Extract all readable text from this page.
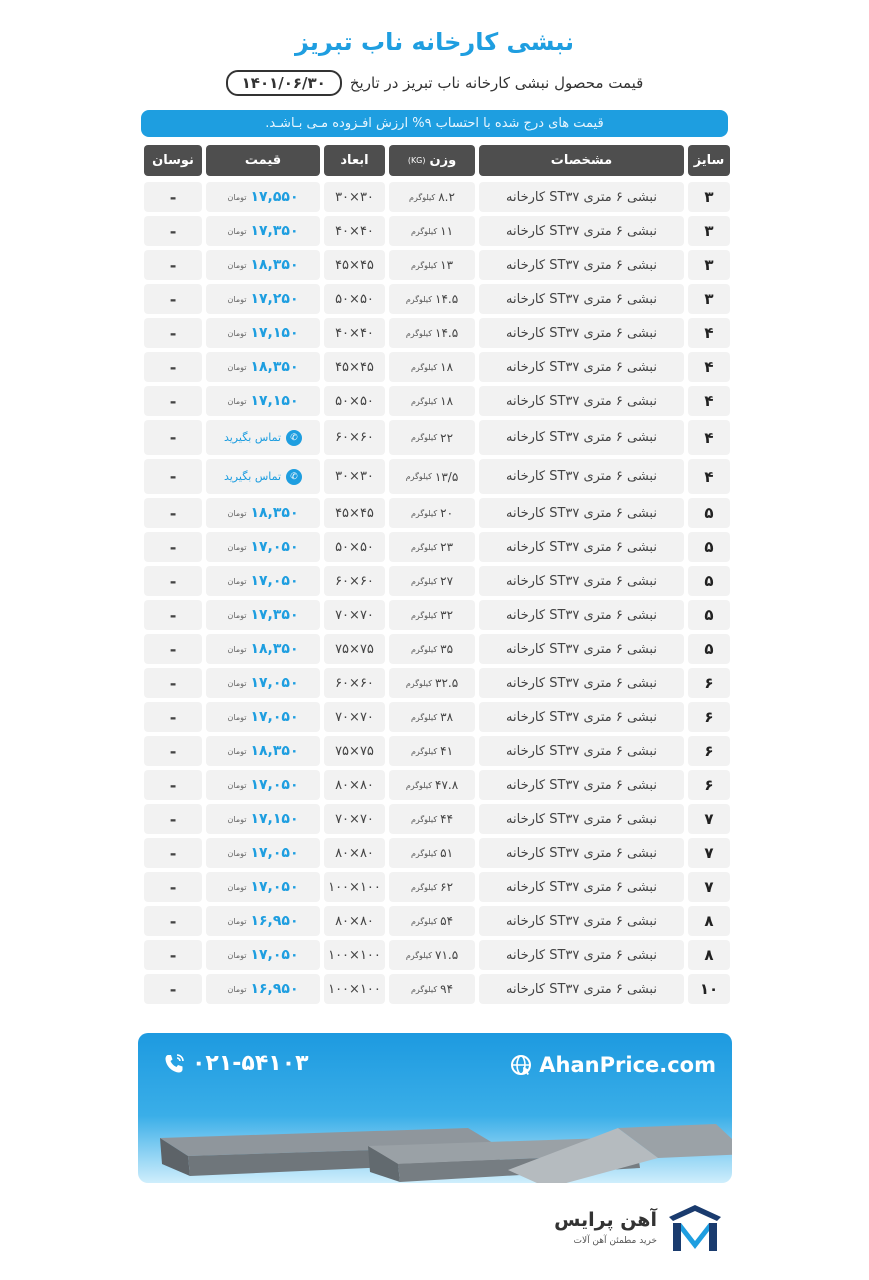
نبشی کارخانه ناب تبریز
قیمت محصول نبشی کارخانه ناب تبریز در تاریخ
۱۴۰۱/۰۶/۳۰
قیمت های درج شده با احتساب ۹% ارزش افـزوده مـی بـاشـد.
سایز
مشخصات
وزن
(KG)
ابعاد
قیمت
نوسان
۳
نبشی ۶ متری ST۳۷ کارخانه
۸.۲
کیلوگرم
۳۰×۳۰
۱۷,۵۵۰
تومان
-
۳
نبشی ۶ متری ST۳۷ کارخانه
۱۱
کیلوگرم
۴۰×۴۰
۱۷,۳۵۰
تومان
-
۳
نبشی ۶ متری ST۳۷ کارخانه
۱۳
کیلوگرم
۴۵×۴۵
۱۸,۳۵۰
تومان
-
۳
نبشی ۶ متری ST۳۷ کارخانه
۱۴.۵
کیلوگرم
۵۰×۵۰
۱۷,۲۵۰
تومان
-
۴
نبشی ۶ متری ST۳۷ کارخانه
۱۴.۵
کیلوگرم
۴۰×۴۰
۱۷,۱۵۰
تومان
-
۴
نبشی ۶ متری ST۳۷ کارخانه
۱۸
کیلوگرم
۴۵×۴۵
۱۸,۳۵۰
تومان
-
۴
نبشی ۶ متری ST۳۷ کارخانه
۱۸
کیلوگرم
۵۰×۵۰
۱۷,۱۵۰
تومان
-
۴
نبشی ۶ متری ST۳۷ کارخانه
۲۲
کیلوگرم
۶۰×۶۰
✆
تماس بگیرید
-
۴
نبشی ۶ متری ST۳۷ کارخانه
۱۳/۵
کیلوگرم
۳۰×۳۰
✆
تماس بگیرید
-
۵
نبشی ۶ متری ST۳۷ کارخانه
۲۰
کیلوگرم
۴۵×۴۵
۱۸,۳۵۰
تومان
-
۵
نبشی ۶ متری ST۳۷ کارخانه
۲۳
کیلوگرم
۵۰×۵۰
۱۷,۰۵۰
تومان
-
۵
نبشی ۶ متری ST۳۷ کارخانه
۲۷
کیلوگرم
۶۰×۶۰
۱۷,۰۵۰
تومان
-
۵
نبشی ۶ متری ST۳۷ کارخانه
۳۲
کیلوگرم
۷۰×۷۰
۱۷,۳۵۰
تومان
-
۵
نبشی ۶ متری ST۳۷ کارخانه
۳۵
کیلوگرم
۷۵×۷۵
۱۸,۳۵۰
تومان
-
۶
نبشی ۶ متری ST۳۷ کارخانه
۳۲.۵
کیلوگرم
۶۰×۶۰
۱۷,۰۵۰
تومان
-
۶
نبشی ۶ متری ST۳۷ کارخانه
۳۸
کیلوگرم
۷۰×۷۰
۱۷,۰۵۰
تومان
-
۶
نبشی ۶ متری ST۳۷ کارخانه
۴۱
کیلوگرم
۷۵×۷۵
۱۸,۳۵۰
تومان
-
۶
نبشی ۶ متری ST۳۷ کارخانه
۴۷.۸
کیلوگرم
۸۰×۸۰
۱۷,۰۵۰
تومان
-
۷
نبشی ۶ متری ST۳۷ کارخانه
۴۴
کیلوگرم
۷۰×۷۰
۱۷,۱۵۰
تومان
-
۷
نبشی ۶ متری ST۳۷ کارخانه
۵۱
کیلوگرم
۸۰×۸۰
۱۷,۰۵۰
تومان
-
۷
نبشی ۶ متری ST۳۷ کارخانه
۶۲
کیلوگرم
۱۰۰×۱۰۰
۱۷,۰۵۰
تومان
-
۸
نبشی ۶ متری ST۳۷ کارخانه
۵۴
کیلوگرم
۸۰×۸۰
۱۶,۹۵۰
تومان
-
۸
نبشی ۶ متری ST۳۷ کارخانه
۷۱.۵
کیلوگرم
۱۰۰×۱۰۰
۱۷,۰۵۰
تومان
-
۱۰
نبشی ۶ متری ST۳۷ کارخانه
۹۴
کیلوگرم
۱۰۰×۱۰۰
۱۶,۹۵۰
تومان
-
۰۲۱-۵۴۱۰۳	AhanPrice.com
آهن پرایس
خرید مطمئن آهن آلات
